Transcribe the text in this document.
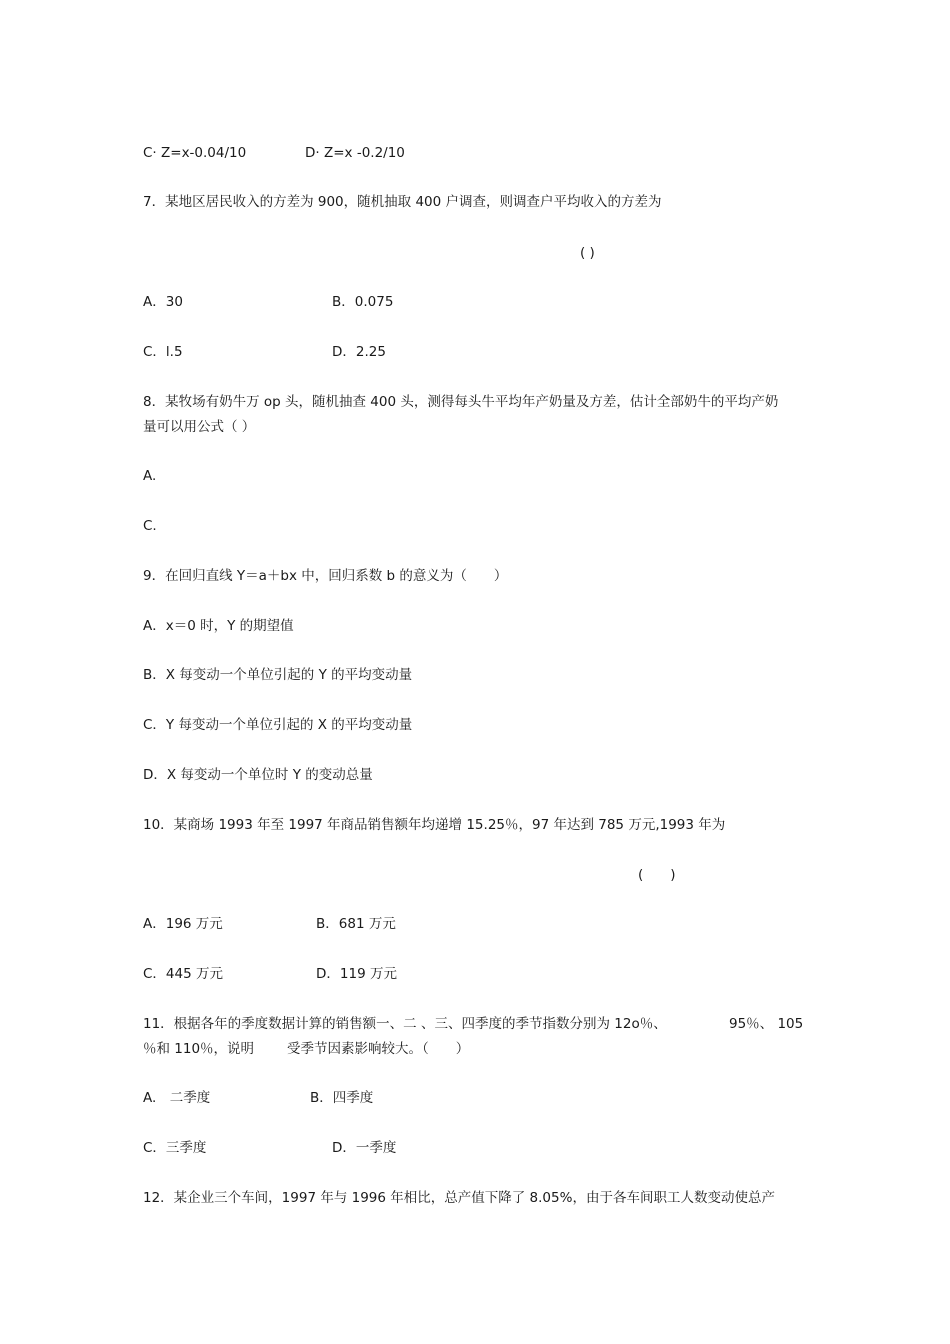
C· Z=x-0.04/10	D· Z=x -0.2/10
7．某地区居民收入的方差为 900，随机抽取 400 户调查，则调查户平均收入的方差为
( )
A．30	B．0.075
C．l.5	D．2.25
8．某牧场有奶牛万 op 头，随机抽查 400 头，测得每头牛平均年产奶量及方差，估计全部奶牛的平均产奶
量可以用公式（ ）
A.
C.
9．在回归直线 Y＝a＋bx 中，回归系数 b 的意义为（　　）
A．x＝0 时，Y 的期望值
B．X 每变动一个单位引起的 Y 的平均变动量
C．Y 每变动一个单位引起的 X 的平均变动量
D．X 每变动一个单位时 Y 的变动总量
10．某商场 1993 年至 1997 年商品销售额年均递增 15.25％，97 年达到 785 万元,1993 年为
(　　)
A．196 万元	B．681 万元
C．445 万元	D．119 万元
11．根据各年的季度数据计算的销售额一、二 、三、四季度的季节指数分别为 12o％、	95％、 105
％和 110％，说明 受季节因素影响较大。（　　）
A.　二季度	B．四季度
C．三季度	D．一季度
12．某企业三个车间，1997 年与 1996 年相比，总产值下降了 8.05%，由于各车间职工人数变动使总产
